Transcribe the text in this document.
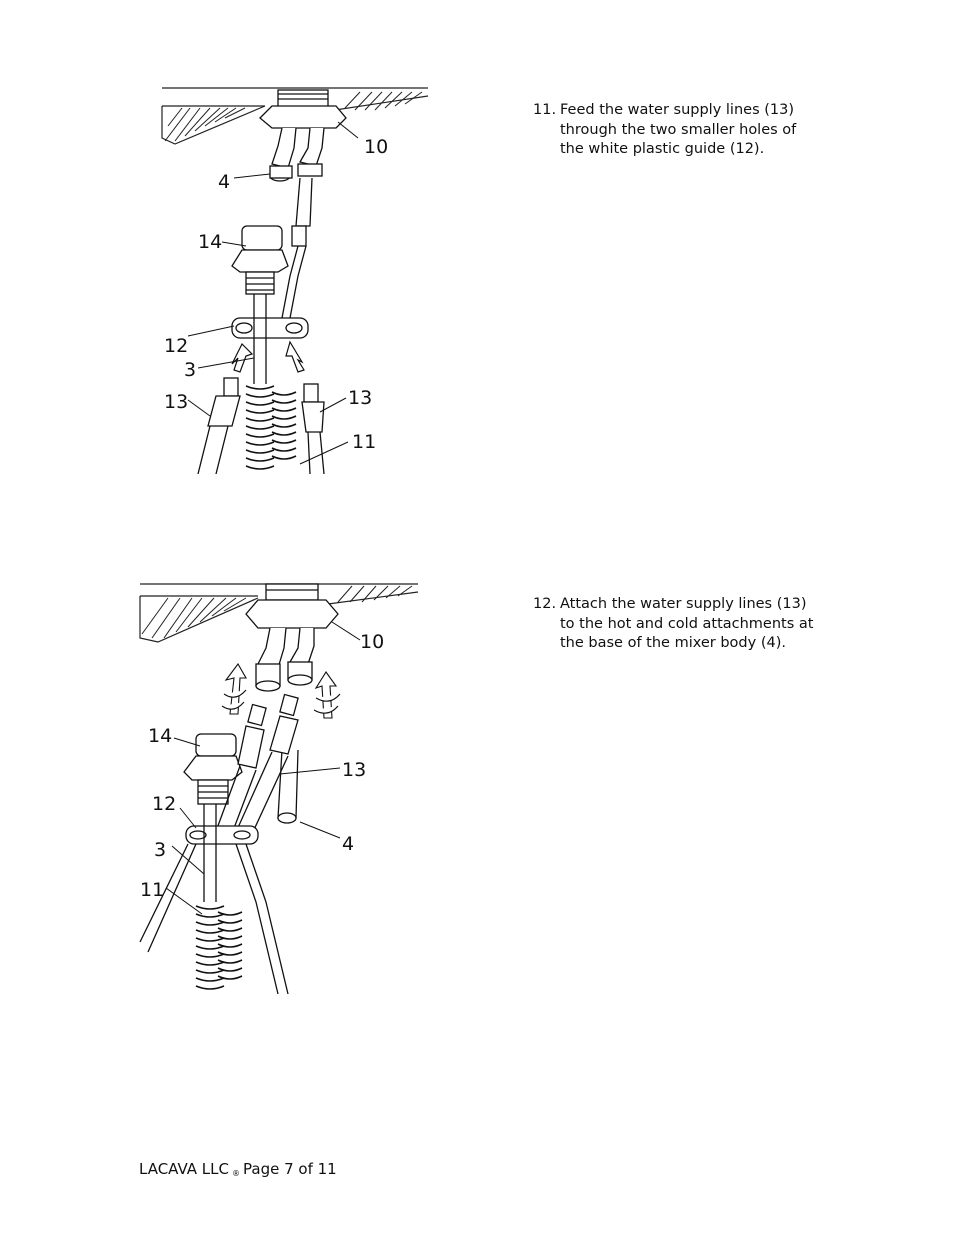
10
4
14
12
3
13	13
11
11. Feed the water supply lines (13) through the two smaller holes of the white plastic guide (12).
10
14
12
3
11
13
4
12. Attach the water supply lines (13) to the hot and cold attachments at the base of the mixer body (4).
LACAVA LLC ® Page 7 of 11
